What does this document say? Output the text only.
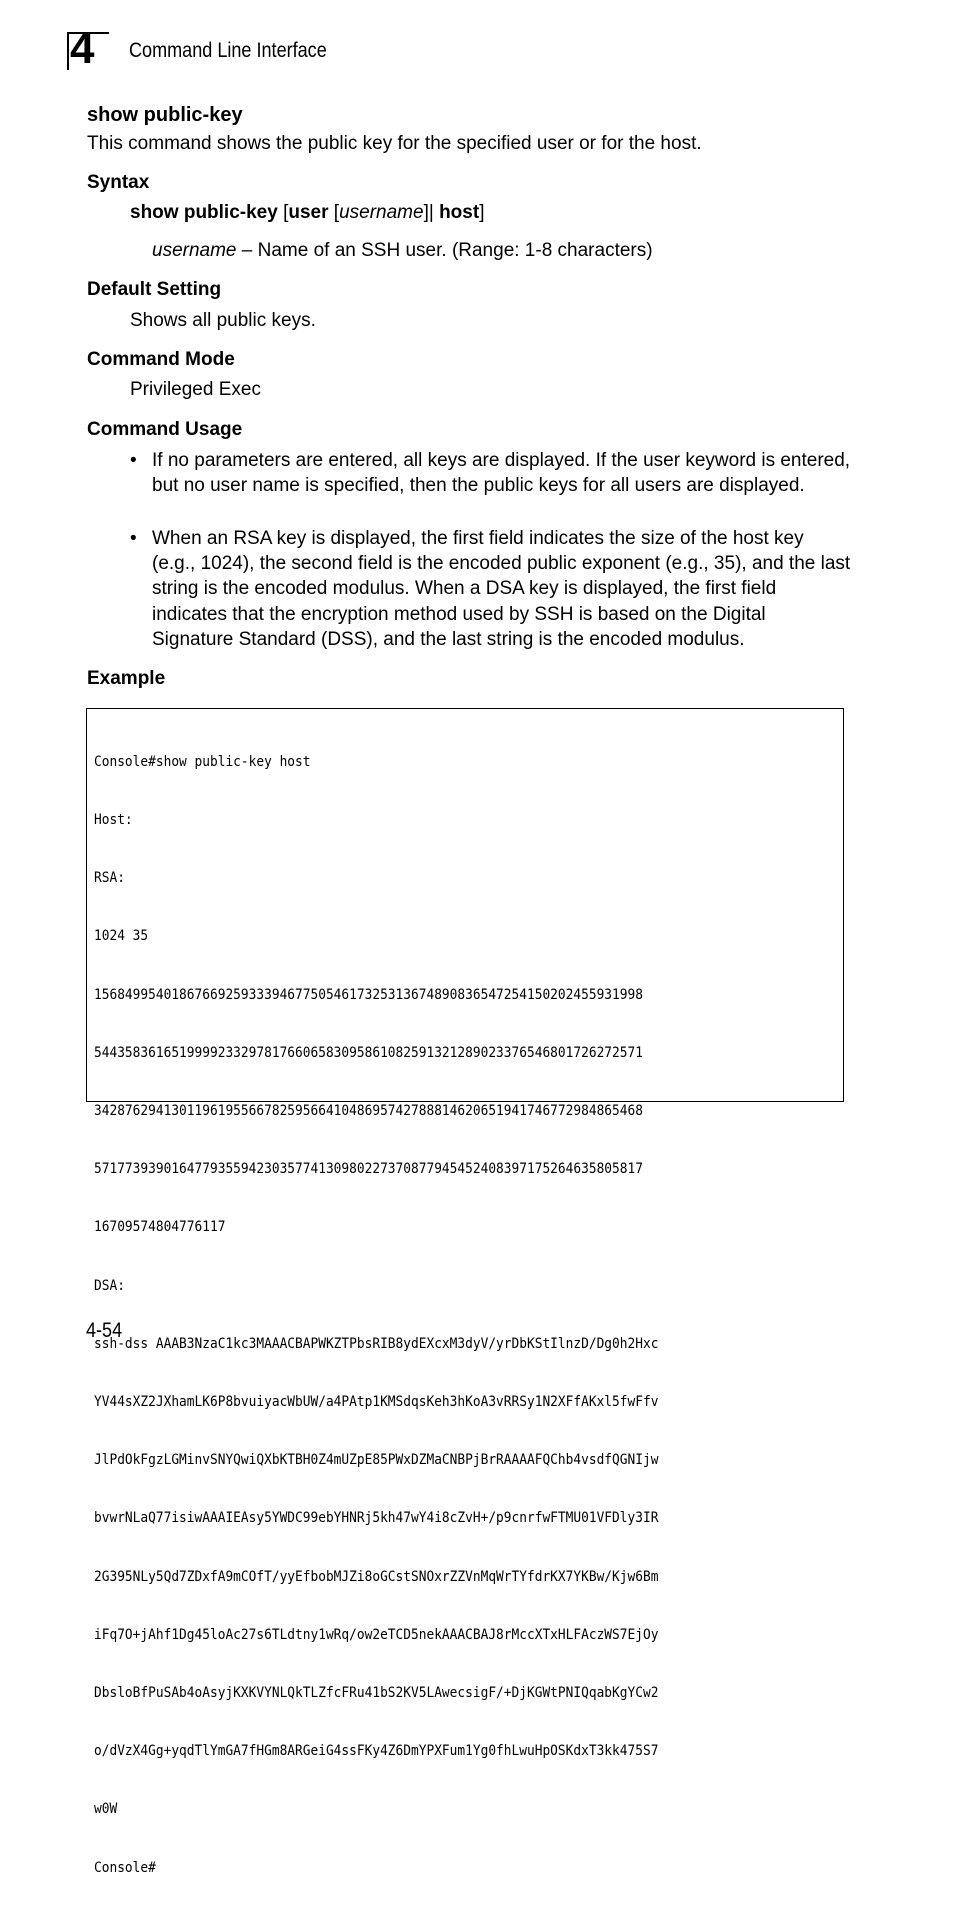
4	Command Line Interface
show public-key
This command shows the public key for the specified user or for the host.
Syntax
show public-key [user [username]| host]
username – Name of an SSH user. (Range: 1-8 characters)
Default Setting
Shows all public keys.
Command Mode
Privileged Exec
Command Usage
• If no parameters are entered, all keys are displayed. If the user keyword is entered, but no user name is specified, then the public keys for all users are displayed.
• When an RSA key is displayed, the first field indicates the size of the host key (e.g., 1024), the second field is the encoded public exponent (e.g., 35), and the last string is the encoded modulus. When a DSA key is displayed, the first field indicates that the encryption method used by SSH is based on the Digital Signature Standard (DSS), and the last string is the encoded modulus.
Example

Console#show public-key host

Host:

RSA:

1024 35

15684995401867669259333946775054617325313674890836547254150202455931998

54435836165199992332978176606583095861082591321289023376546801726272571

34287629413011961955667825956641048695742788814620651941746772984865468

57177393901647793559423035774130980227370877945452408397175264635805817

16709574804776117

DSA:

ssh-dss AAAB3NzaC1kc3MAAACBAPWKZTPbsRIB8ydEXcxM3dyV/yrDbKStIlnzD/Dg0h2Hxc

YV44sXZ2JXhamLK6P8bvuiyacWbUW/a4PAtp1KMSdqsKeh3hKoA3vRRSy1N2XFfAKxl5fwFfv

JlPdOkFgzLGMinvSNYQwiQXbKTBH0Z4mUZpE85PWxDZMaCNBPjBrRAAAAFQChb4vsdfQGNIjw

bvwrNLaQ77isiwAAAIEAsy5YWDC99ebYHNRj5kh47wY4i8cZvH+/p9cnrfwFTMU01VFDly3IR

2G395NLy5Qd7ZDxfA9mCOfT/yyEfbobMJZi8oGCstSNOxrZZVnMqWrTYfdrKX7YKBw/Kjw6Bm

iFq7O+jAhf1Dg45loAc27s6TLdtny1wRq/ow2eTCD5nekAAACBAJ8rMccXTxHLFAczWS7EjOy

DbsloBfPuSAb4oAsyjKXKVYNLQkTLZfcFRu41bS2KV5LAwecsigF/+DjKGWtPNIQqabKgYCw2

o/dVzX4Gg+yqdTlYmGA7fHGm8ARGeiG4ssFKy4Z6DmYPXFum1Yg0fhLwuHpOSKdxT3kk475S7

w0W

Console#

4-54
